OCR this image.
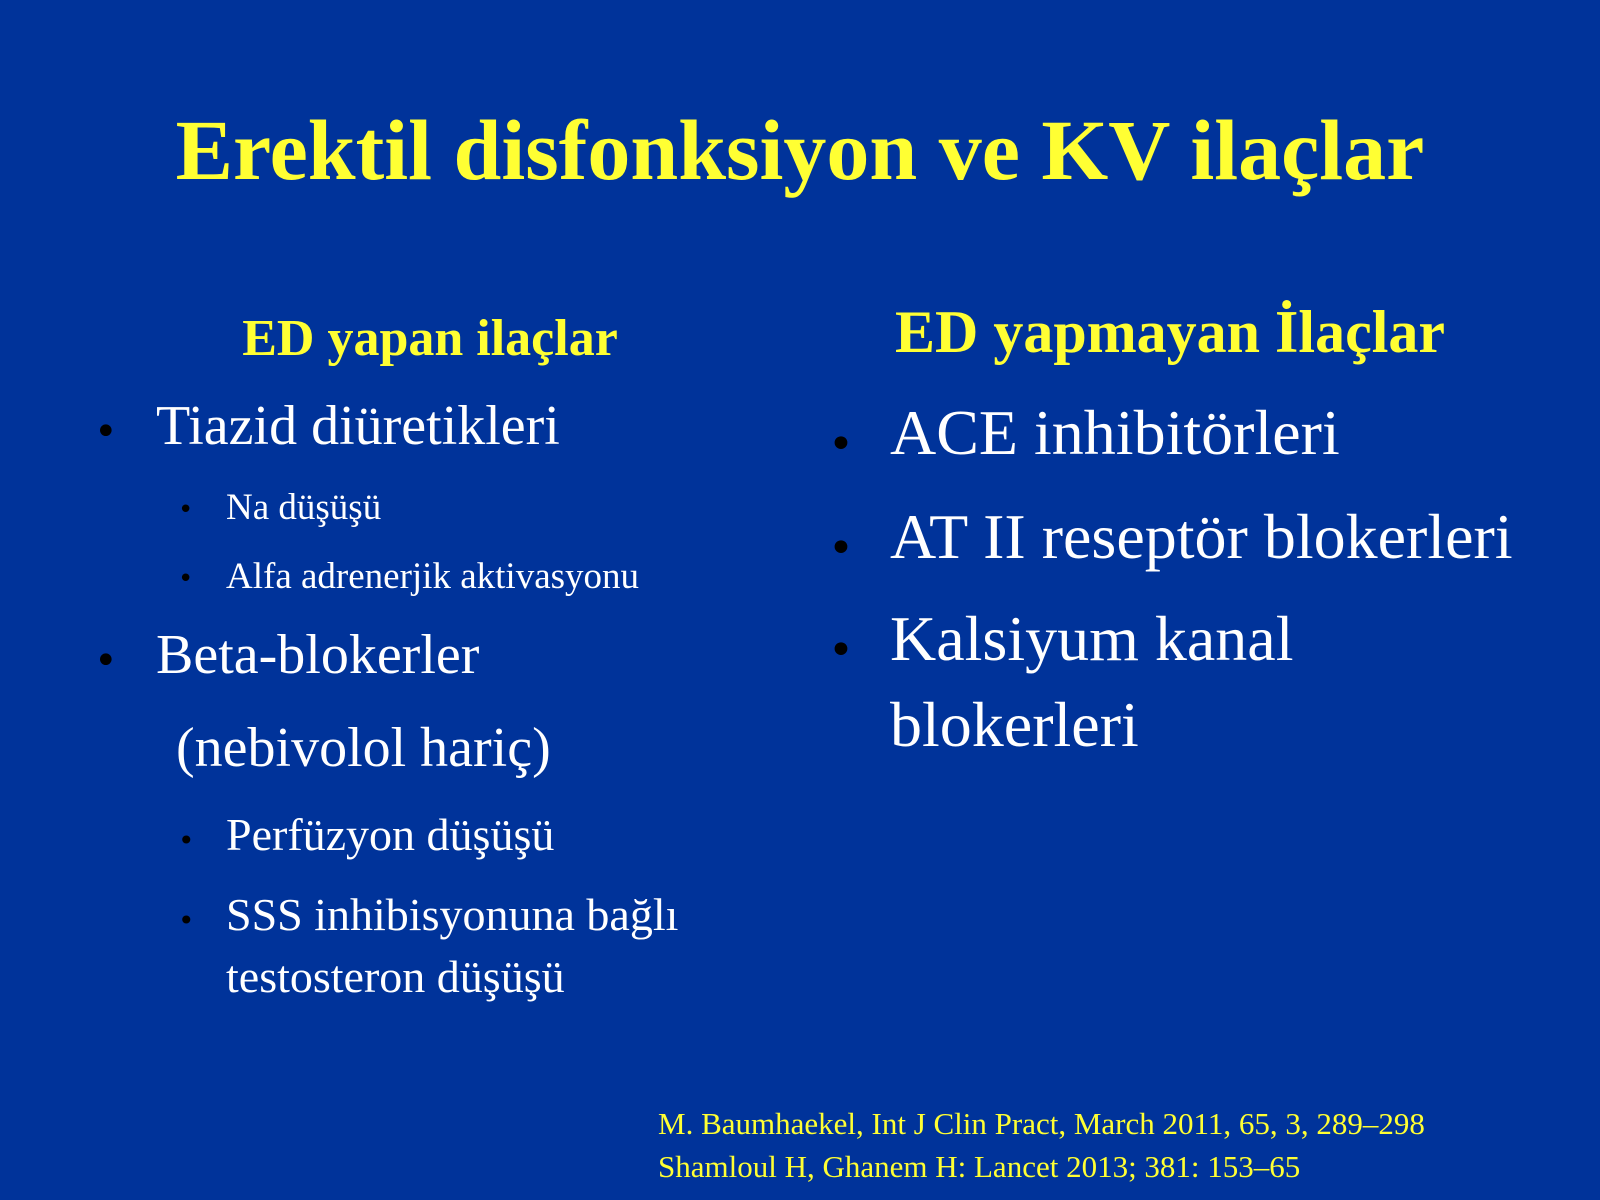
Erektil disfonksiyon ve KV ilaçlar
ED yapan ilaçlar
• Tiazid diüretikleri
• Na düşüşü
• Alfa adrenerjik aktivasyonu
• Beta-blokerler
(nebivolol hariç)
• Perfüzyon düşüşü
• SSS inhibisyonuna bağlı
testosteron düşüşü
ED yapmayan İlaçlar
• ACE inhibitörleri
• AT II reseptör blokerleri
• Kalsiyum kanal
blokerleri
M. Baumhaekel, Int J Clin Pract, March 2011, 65, 3, 289–298
Shamloul H, Ghanem H: Lancet 2013; 381: 153–65
